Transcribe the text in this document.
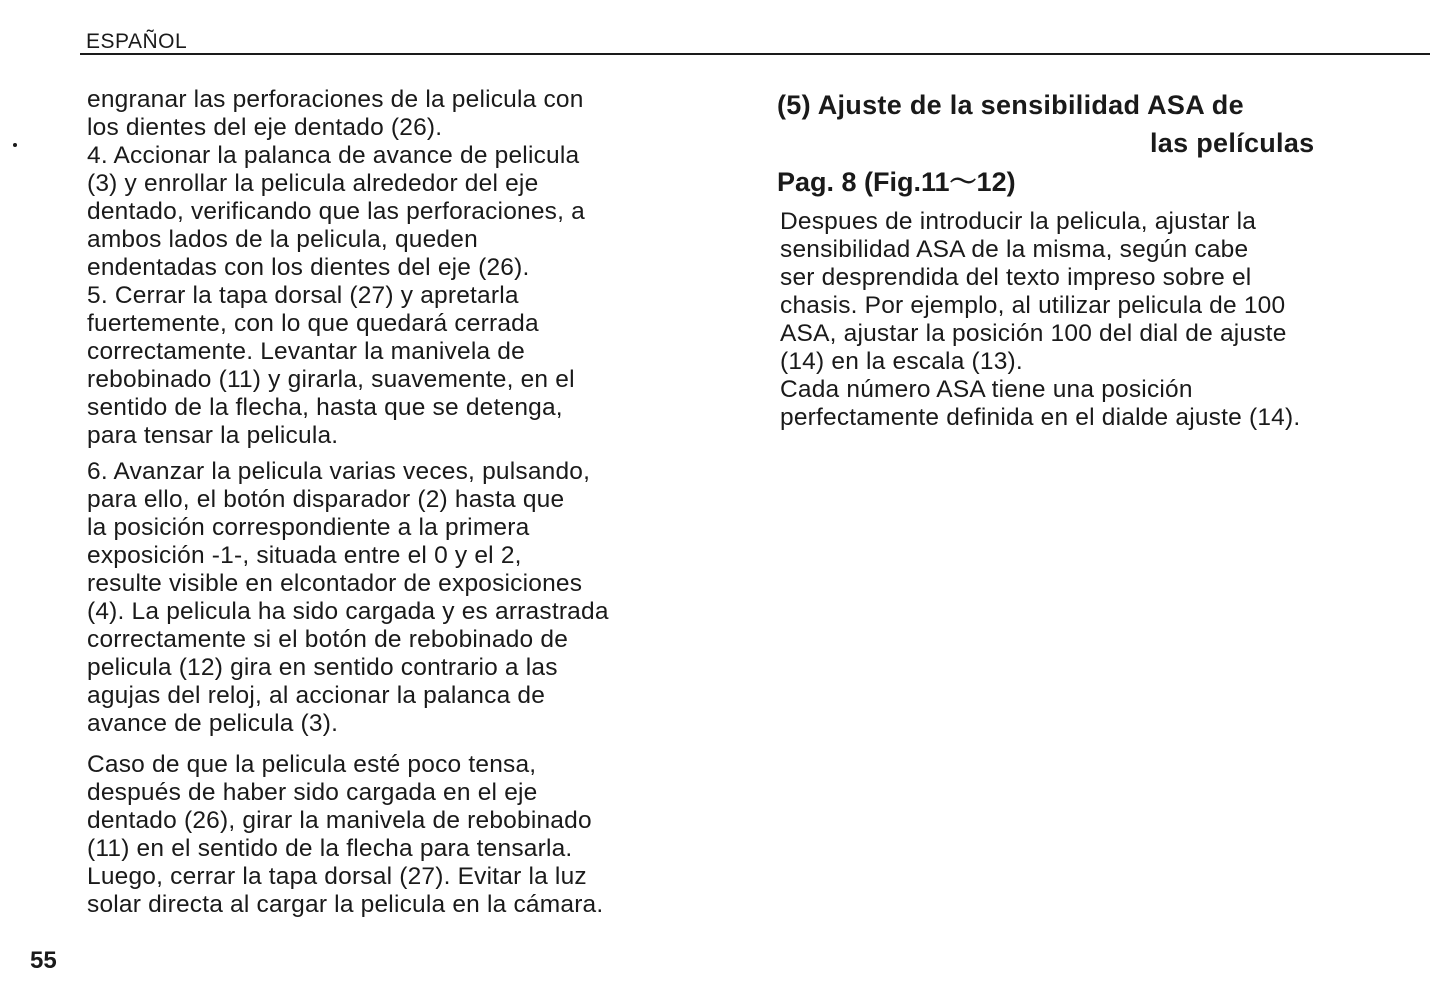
ESPAÑOL
engranar las perforaciones de la pelicula con
los dientes del eje dentado (26).
4. Accionar la palanca de avance de pelicula
(3) y enrollar la pelicula alrededor del eje
dentado, verificando que las perforaciones, a
ambos lados de la pelicula, queden
endentadas con los dientes del eje (26).
5. Cerrar la tapa dorsal (27) y apretarla
fuertemente, con lo que quedará cerrada
correctamente. Levantar la manivela de
rebobinado (11) y girarla, suavemente, en el
sentido de la flecha, hasta que se detenga,
para tensar la pelicula.
6. Avanzar la pelicula varias veces, pulsando,
para ello, el botón disparador (2) hasta que
la posición correspondiente a la primera
exposición -1-, situada entre el 0 y el 2,
resulte visible en elcontador de exposiciones
(4). La pelicula ha sido cargada y es arrastrada
correctamente si el botón de rebobinado de
pelicula (12) gira en sentido contrario a las
agujas del reloj, al accionar la palanca de
avance de pelicula (3).
Caso de que la pelicula esté poco tensa,
después de haber sido cargada en el eje
dentado (26), girar la manivela de rebobinado
(11) en el sentido de la flecha para tensarla.
Luego, cerrar la tapa dorsal (27). Evitar la luz
solar directa al cargar la pelicula en la cámara.
(5) Ajuste de la sensibilidad ASA de
las películas
Pag. 8 (Fig.11～12)
Despues de introducir la pelicula, ajustar la
sensibilidad ASA de la misma, según cabe
ser desprendida del texto impreso sobre el
chasis. Por ejemplo, al utilizar pelicula de 100
ASA, ajustar la posición 100 del dial de ajuste
(14) en la escala (13).
Cada número ASA tiene una posición
perfectamente definida en el dialde ajuste (14).
55
